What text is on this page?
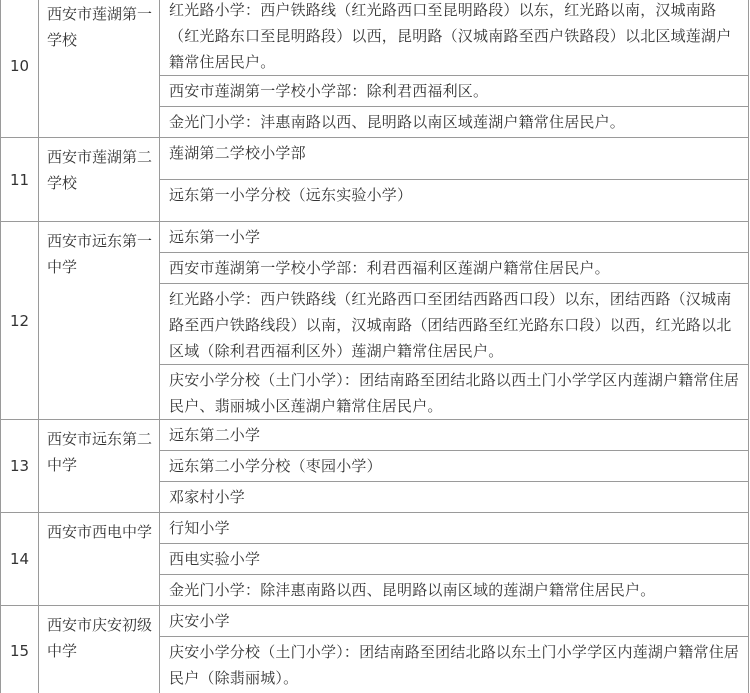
10	西安市莲湖第一学校	红光路小学：西户铁路线（红光路西口至昆明路段）以东，红光路以南，汉城南路（红光路东口至昆明路段）以西，昆明路（汉城南路至西户铁路段）以北区域莲湖户籍常住居民户。
		西安市莲湖第一学校小学部：除利君西福利区。
		金光门小学：沣惠南路以西、昆明路以南区域莲湖户籍常住居民户。
11	西安市莲湖第二学校	莲湖第二学校小学部
		远东第一小学分校（远东实验小学）
12	西安市远东第一中学	远东第一小学
		西安市莲湖第一学校小学部：利君西福利区莲湖户籍常住居民户。
		红光路小学：西户铁路线（红光路西口至团结西路西口段）以东，团结西路（汉城南路至西户铁路线段）以南，汉城南路（团结西路至红光路东口段）以西，红光路以北区域（除利君西福利区外）莲湖户籍常住居民户。
		庆安小学分校（土门小学）：团结南路至团结北路以西土门小学学区内莲湖户籍常住居民户、翡丽城小区莲湖户籍常住居民户。
13	西安市远东第二中学	远东第二小学
		远东第二小学分校（枣园小学）
		邓家村小学
14	西安市西电中学	行知小学
		西电实验小学
		金光门小学：除沣惠南路以西、昆明路以南区域的莲湖户籍常住居民户。
15	西安市庆安初级中学	庆安小学
		庆安小学分校（土门小学）：团结南路至团结北路以东土门小学学区内莲湖户籍常住居民户（除翡丽城）。
